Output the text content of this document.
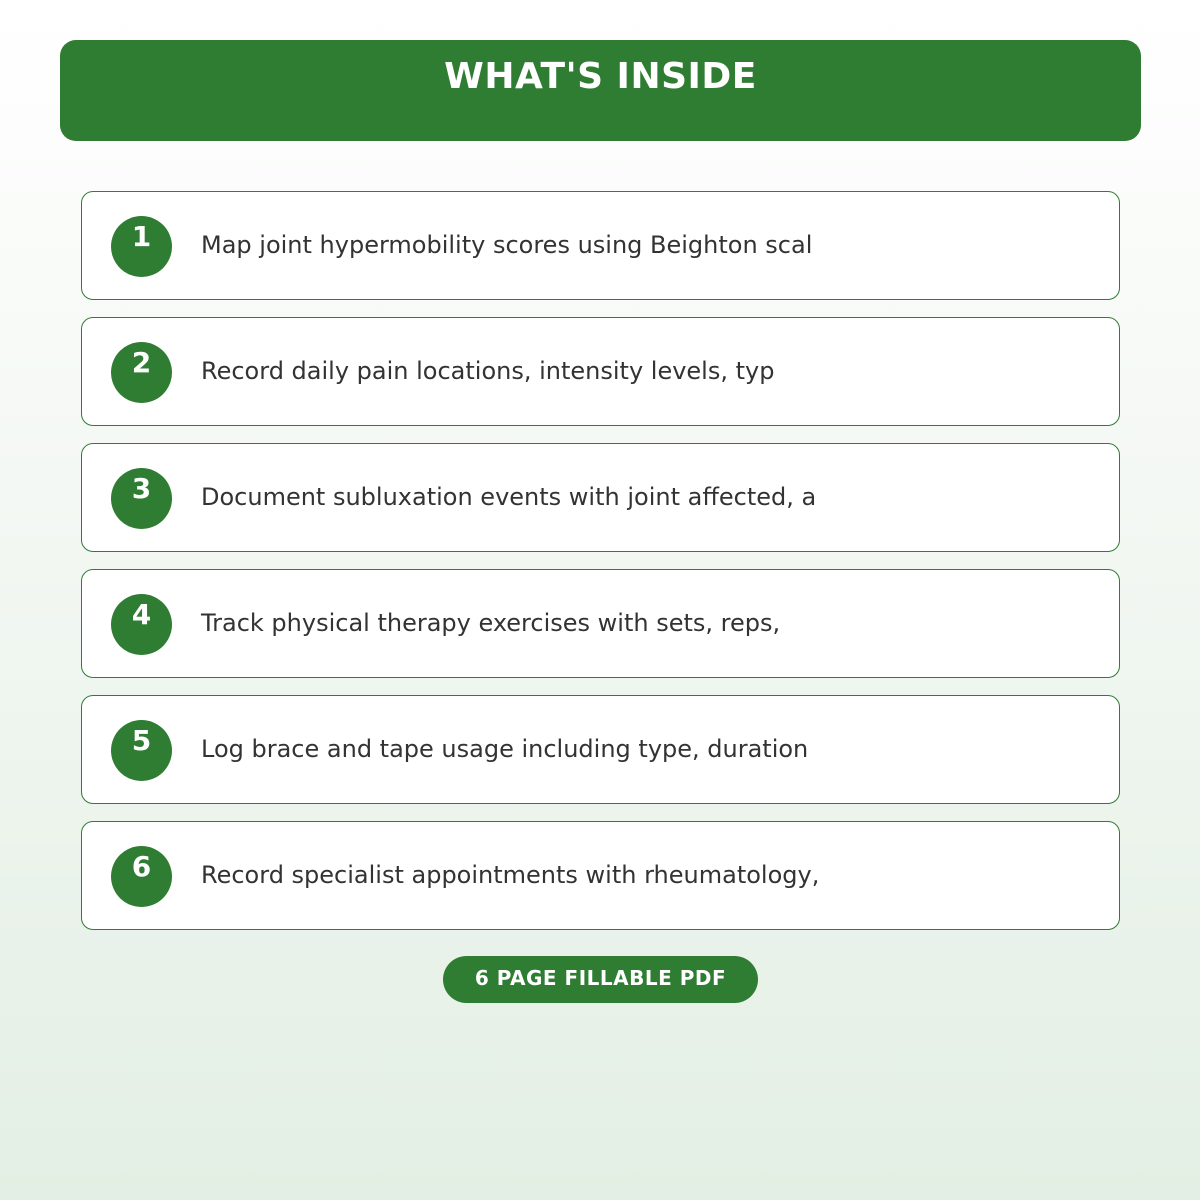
WHAT'S INSIDE
1	Map joint hypermobility scores using Beighton scal
2	Record daily pain locations, intensity levels, typ
3	Document subluxation events with joint affected, a
4	Track physical therapy exercises with sets, reps,
5	Log brace and tape usage including type, duration
6	Record specialist appointments with rheumatology,
6 PAGE FILLABLE PDF
